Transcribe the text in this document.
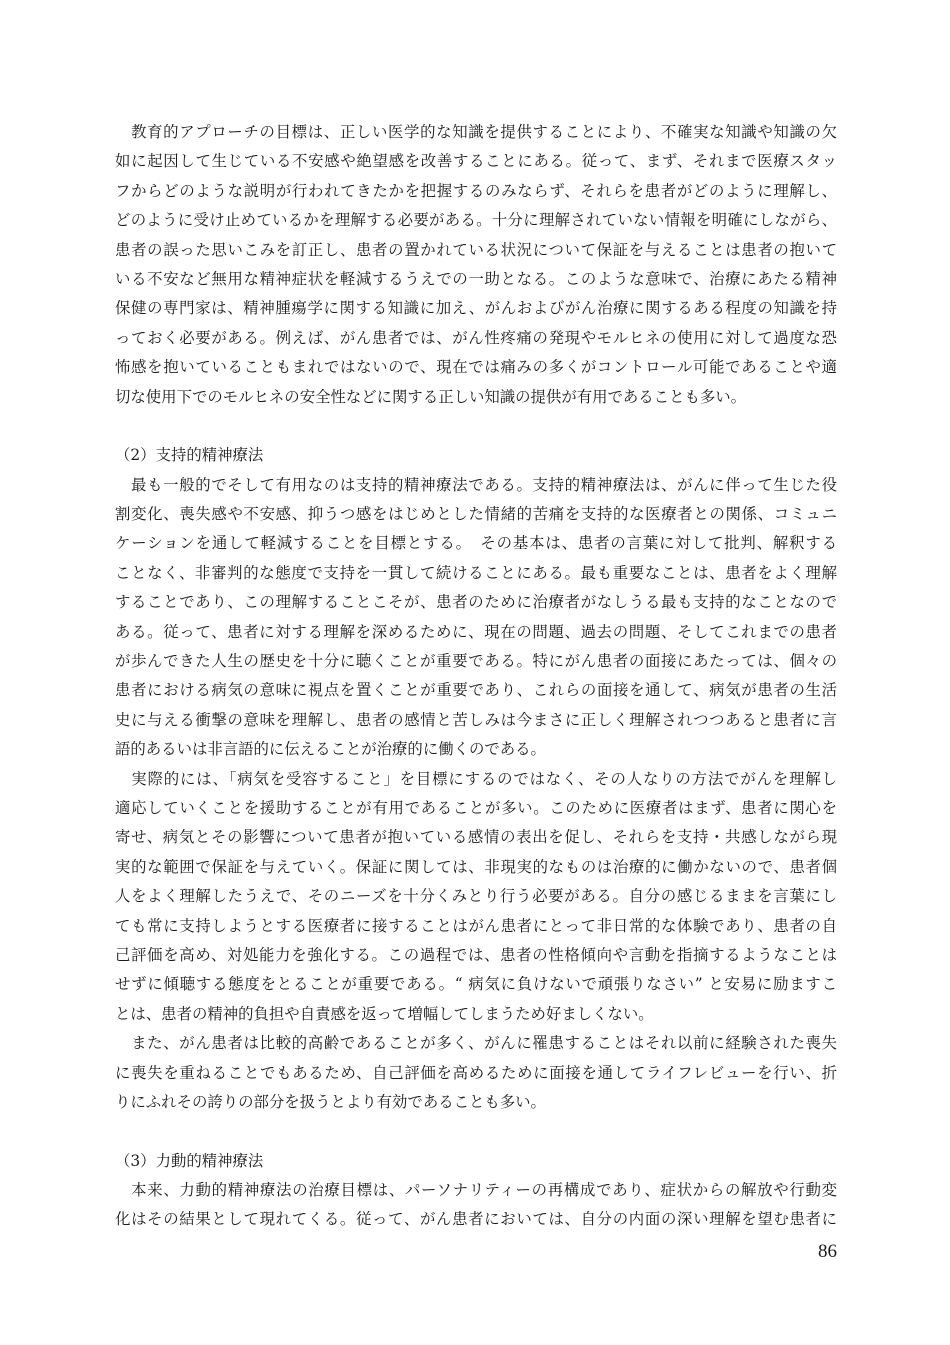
　教育的アプローチの目標は、正しい医学的な知識を提供することにより、不確実な知識や知識の欠
如に起因して生じている不安感や絶望感を改善することにある。従って、まず、それまで医療スタッ
フからどのような説明が行われてきたかを把握するのみならず、それらを患者がどのように理解し、
どのように受け止めているかを理解する必要がある。十分に理解されていない情報を明確にしながら、
患者の誤った思いこみを訂正し、患者の置かれている状況について保証を与えることは患者の抱いて
いる不安など無用な精神症状を軽減するうえでの一助となる。このような意味で、治療にあたる精神
保健の専門家は、精神腫瘍学に関する知識に加え、がんおよびがん治療に関するある程度の知識を持
っておく必要がある。例えば、がん患者では、がん性疼痛の発現やモルヒネの使用に対して過度な恐
怖感を抱いていることもまれではないので、現在では痛みの多くがコントロール可能であることや適
切な使用下でのモルヒネの安全性などに関する正しい知識の提供が有用であることも多い。
（2）支持的精神療法
　最も一般的でそして有用なのは支持的精神療法である。支持的精神療法は、がんに伴って生じた役
割変化、喪失感や不安感、抑うつ感をはじめとした情緒的苦痛を支持的な医療者との関係、コミュニ
ケーションを通して軽減することを目標とする。　その基本は、患者の言葉に対して批判、解釈する
ことなく、非審判的な態度で支持を一貫して続けることにある。最も重要なことは、患者をよく理解
することであり、この理解することこそが、患者のために治療者がなしうる最も支持的なことなので
ある。従って、患者に対する理解を深めるために、現在の問題、過去の問題、そしてこれまでの患者
が歩んできた人生の歴史を十分に聴くことが重要である。特にがん患者の面接にあたっては、個々の
患者における病気の意味に視点を置くことが重要であり、これらの面接を通して、病気が患者の生活
史に与える衝撃の意味を理解し、患者の感情と苦しみは今まさに正しく理解されつつあると患者に言
語的あるいは非言語的に伝えることが治療的に働くのである。
　実際的には、「病気を受容すること」を目標にするのではなく、その人なりの方法でがんを理解し
適応していくことを援助することが有用であることが多い。このために医療者はまず、患者に関心を
寄せ、病気とその影響について患者が抱いている感情の表出を促し、それらを支持・共感しながら現
実的な範囲で保証を与えていく。保証に関しては、非現実的なものは治療的に働かないので、患者個
人をよく理解したうえで、そのニーズを十分くみとり行う必要がある。自分の感じるままを言葉にし
ても常に支持しようとする医療者に接することはがん患者にとって非日常的な体験であり、患者の自
己評価を高め、対処能力を強化する。この過程では、患者の性格傾向や言動を指摘するようなことは
せずに傾聴する態度をとることが重要である。“ 病気に負けないで頑張りなさい” と安易に励ますこ
とは、患者の精神的負担や自責感を返って増幅してしまうため好ましくない。
　また、がん患者は比較的高齢であることが多く、がんに罹患することはそれ以前に経験された喪失
に喪失を重ねることでもあるため、自己評価を高めるために面接を通してライフレビューを行い、折
りにふれその誇りの部分を扱うとより有効であることも多い。
（3）力動的精神療法
　本来、力動的精神療法の治療目標は、パーソナリティーの再構成であり、症状からの解放や行動変
化はその結果として現れてくる。従って、がん患者においては、自分の内面の深い理解を望む患者に
86
